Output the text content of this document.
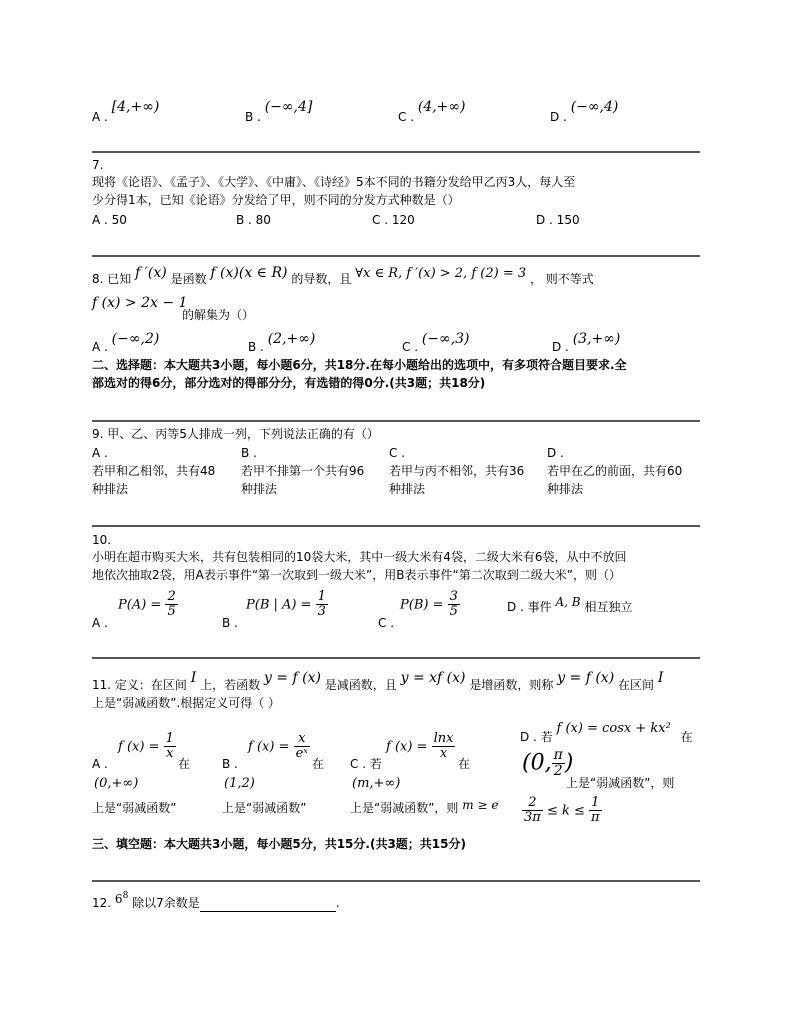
A . [4,+∞)
B . (−∞,4]
C . (4,+∞)
D . (−∞,4)
7.
现将《论语》、《孟子》、《大学》、《中庸》、《诗经》5本不同的书籍分发给甲乙丙3人，每人至
少分得1本，已知《论语》分发给了甲，则不同的分发方式种数是（）
A . 50	B . 80	C . 120	D . 150
8. 已知 f ′(x) 是函数 f (x)(x ∈ R) 的导数，且 ∀x ∈ R, f ′(x) > 2, f (2) = 3 ， 则不等式
f (x) > 2x − 1
的解集为（）
A . (−∞,2)	B . (2,+∞)	C . (−∞,3)	D . (3,+∞)
二、选择题：本大题共3小题，每小题6分，共18分.在每小题给出的选项中，有多项符合题目要求.全
部选对的得6分，部分选对的得部分分，有选错的得0分.(共3题；共18分)
9. 甲、乙、丙等5人排成一列，下列说法正确的有（）
A .
若甲和乙相邻，共有48
种排法
B .
若甲不排第一个共有96
种排法
C .
若甲与丙不相邻，共有36
种排法
D .
若甲在乙的前面，共有60
种排法
10.
小明在超市购买大米，共有包装相同的10袋大米，其中一级大米有4袋，二级大米有6袋，从中不放回
地依次抽取2袋，用A表示事件“第一次取到一级大米”，用B表示事件“第二次取到二级大米”，则（）
A .
$P(A) = \frac{2}{5}$
B .
P(B | $A) = \frac{1}{3}$
C .
$P(B) = \frac{3}{5}$	D . 事件 A, B 相互独立
11. 定义：在区间 I 上，若函数 y = f (x) 是减函数，且 y = xf (x) 是增函数，则称 y = f (x) 在区间 I
上是“弱减函数”.根据定义可得（ ）
A .
f $(x) = \frac{1}{x}$
在
(0,+∞)
上是“弱减函数”
B .
f $(x) = \frac{x}{\text{eˣ}}$
在
(1,2)
上是“弱减函数”
C . 若
f $(x) = \frac{\ln x}{x}$
在
(m,+∞)
上是“弱减函数”，则 m ≥ e
D . 若 f (x) = cosx + kx² 在
(0, $\frac{\pi}{2}$ )
上是“弱减函数”，则
$\frac{2}{3\pi} \le k \le \frac{1}{\pi}$
三、填空题：本大题共3小题，每小题5分，共15分.(共3题；共15分)
12. $6^8$ 除以7余数是	.
